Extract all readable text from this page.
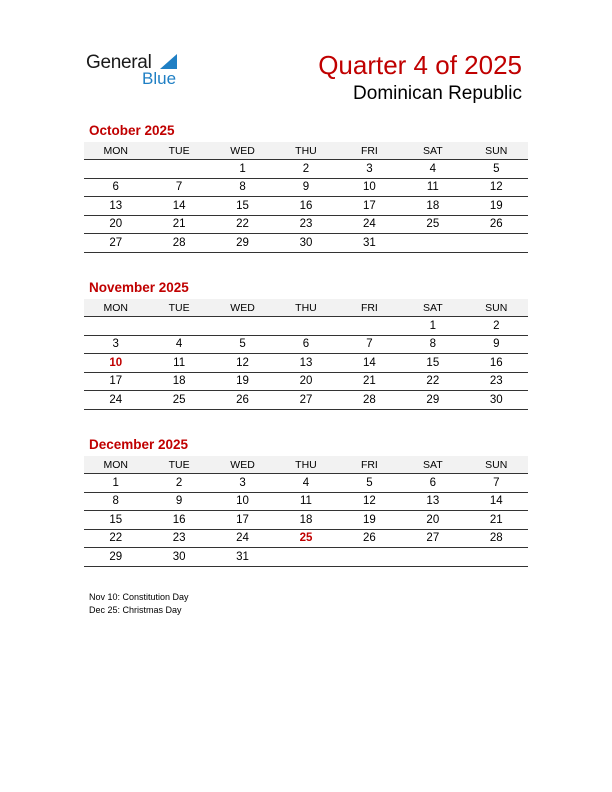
General
Blue	Quarter 4 of 2025
Dominican Republic
October 2025
MON	TUE	WED	THU	FRI	SAT	SUN
		1	2	3	4	5
6	7	8	9	10	11	12
13	14	15	16	17	18	19
20	21	22	23	24	25	26
27	28	29	30	31		
November 2025
MON	TUE	WED	THU	FRI	SAT	SUN
					1	2
3	4	5	6	7	8	9
10	11	12	13	14	15	16
17	18	19	20	21	22	23
24	25	26	27	28	29	30
December 2025
MON	TUE	WED	THU	FRI	SAT	SUN
1	2	3	4	5	6	7
8	9	10	11	12	13	14
15	16	17	18	19	20	21
22	23	24	25	26	27	28
29	30	31				
Nov 10: Constitution Day
Dec 25: Christmas Day
